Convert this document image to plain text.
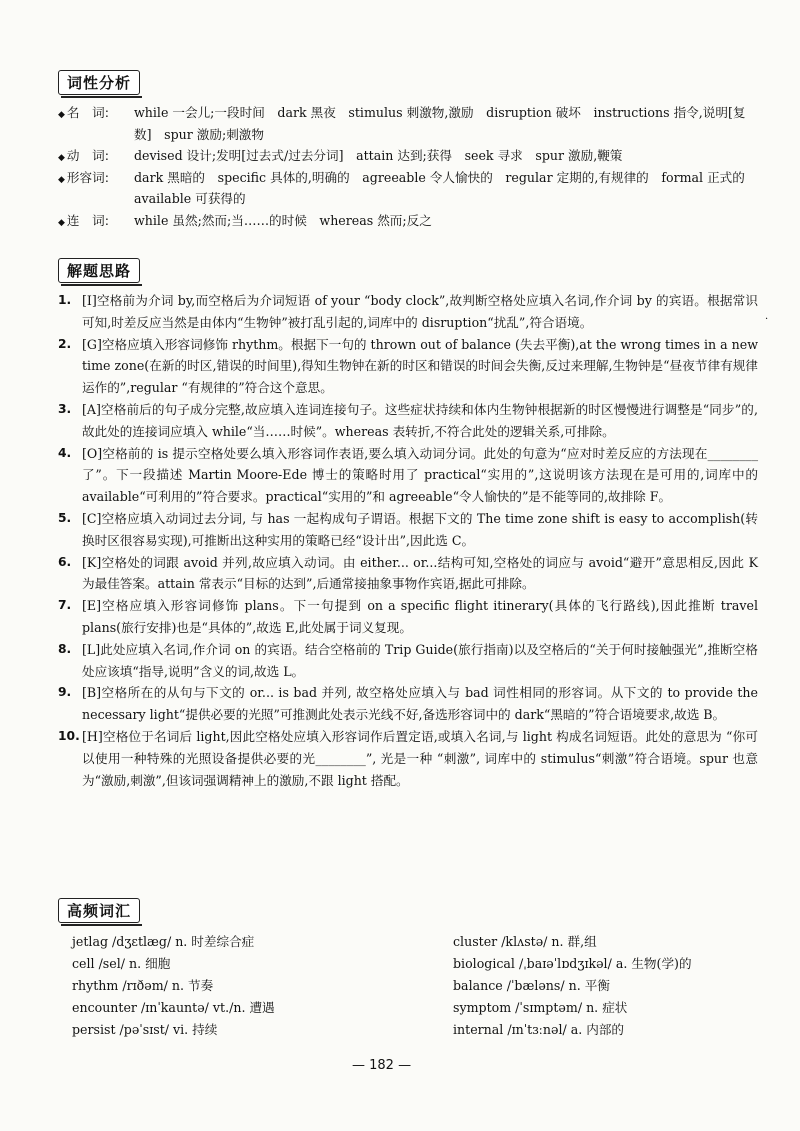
词性分析
◆ 名　词: while 一会儿;一段时间　dark 黑夜　stimulus 刺激物,激励　disruption 破坏　instructions 指令,说明[复数]　spur 激励;刺激物
◆ 动　词: devised 设计;发明[过去式/过去分词]　attain 达到;获得　seek 寻求　spur 激励,鞭策
◆ 形容词: dark 黑暗的　specific 具体的,明确的　agreeable 令人愉快的　regular 定期的,有规律的　formal 正式的　available 可获得的
◆ 连　词: while 虽然;然而;当……的时候　whereas 然而;反之
解题思路
1. [I]空格前为介词 by,而空格后为介词短语 of your “body clock”,故判断空格处应填入名词,作介词 by 的宾语。根据常识可知,时差反应当然是由体内“生物钟”被打乱引起的,词库中的 disruption“扰乱”,符合语境。
2. [G]空格应填入形容词修饰 rhythm。根据下一句的 thrown out of balance (失去平衡),at the wrong times in a new time zone(在新的时区,错误的时间里),得知生物钟在新的时区和错误的时间会失衡,反过来理解,生物钟是“昼夜节律有规律运作的”,regular “有规律的”符合这个意思。
3. [A]空格前后的句子成分完整,故应填入连词连接句子。这些症状持续和体内生物钟根据新的时区慢慢进行调整是“同步”的,故此处的连接词应填入 while“当……时候”。whereas 表转折,不符合此处的逻辑关系,可排除。
4. [O]空格前的 is 提示空格处要么填入形容词作表语,要么填入动词分词。此处的句意为“应对时差反应的方法现在________了”。下一段描述 Martin Moore-Ede 博士的策略时用了 practical“实用的”,这说明该方法现在是可用的,词库中的 available“可利用的”符合要求。practical“实用的”和 agreeable“令人愉快的”是不能等同的,故排除 F。
5. [C]空格应填入动词过去分词, 与 has 一起构成句子谓语。根据下文的 The time zone shift is easy to accomplish(转换时区很容易实现),可推断出这种实用的策略已经“设计出”,因此选 C。
6. [K]空格处的词跟 avoid 并列,故应填入动词。由 either... or...结构可知,空格处的词应与 avoid“避开”意思相反,因此 K 为最佳答案。attain 常表示“目标的达到”,后通常接抽象事物作宾语,据此可排除。
7. [E]空格应填入形容词修饰 plans。下一句提到 on a specific flight itinerary(具体的飞行路线),因此推断 travel plans(旅行安排)也是“具体的”,故选 E,此处属于词义复现。
8. [L]此处应填入名词,作介词 on 的宾语。结合空格前的 Trip Guide(旅行指南)以及空格后的“关于何时接触强光”,推断空格处应该填“指导,说明”含义的词,故选 L。
9. [B]空格所在的从句与下文的 or... is bad 并列, 故空格处应填入与 bad 词性相同的形容词。从下文的 to provide the necessary light“提供必要的光照”可推测此处表示光线不好,备选形容词中的 dark“黑暗的”符合语境要求,故选 B。
10. [H]空格位于名词后 light,因此空格处应填入形容词作后置定语,或填入名词,与 light 构成名词短语。此处的意思为 “你可以使用一种特殊的光照设备提供必要的光________”, 光是一种 “刺激”, 词库中的 stimulus“刺激”符合语境。spur 也意为“激励,刺激”,但该词强调精神上的激励,不跟 light 搭配。
·
高频词汇
jetlag /dʒɛtlæg/ n. 时差综合症	cluster /klʌstə/ n. 群,组
cell /sel/ n. 细胞	biological /ˌbaɪəˈlɒdʒɪkəl/ a. 生物(学)的
rhythm /rɪðəm/ n. 节奏	balance /ˈbæləns/ n. 平衡
encounter /ɪnˈkauntə/ vt./n. 遭遇	symptom /ˈsɪmptəm/ n. 症状
persist /pəˈsɪst/ vi. 持续	internal /ɪnˈtɜːnəl/ a. 内部的
— 182 —
